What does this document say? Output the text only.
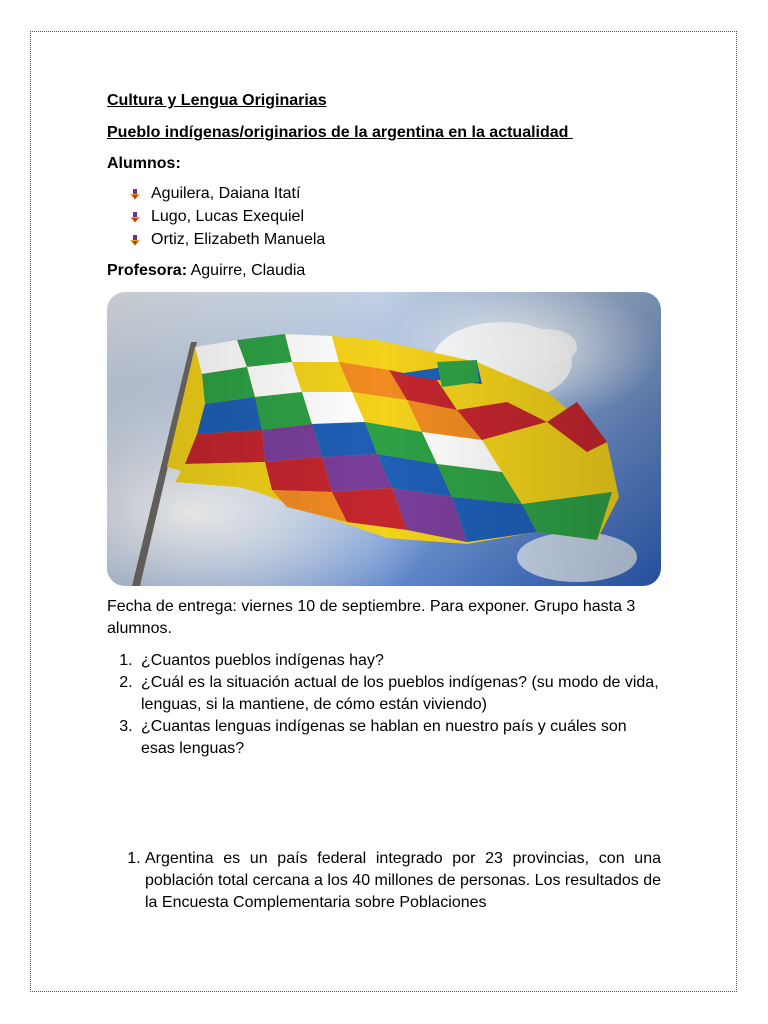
Cultura y Lengua Originarias
Pueblo indígenas/originarios de la argentina en la actualidad
Alumnos:
Aguilera, Daiana Itatí
Lugo, Lucas Exequiel
Ortiz, Elizabeth Manuela
Profesora: Aguirre, Claudia
Fecha de entrega: viernes 10 de septiembre. Para exponer. Grupo hasta 3 alumnos.
1. ¿Cuantos pueblos indígenas hay?
2. ¿Cuál es la situación actual de los pueblos indígenas? (su modo de vida, lenguas, si la mantiene, de cómo están viviendo)
3. ¿Cuantas lenguas indígenas se hablan en nuestro país y cuáles son esas lenguas?
1. Argentina es un país federal integrado por 23 provincias, con una población total cercana a los 40 millones de personas. Los resultados de la Encuesta Complementaria sobre Poblaciones
